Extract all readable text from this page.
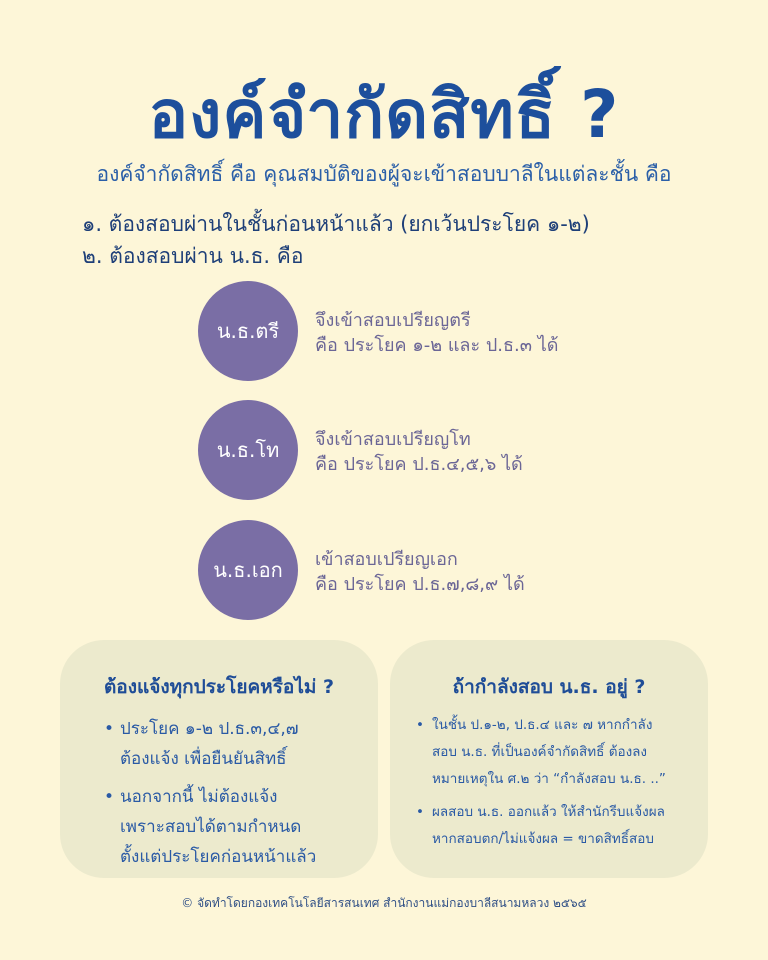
องค์จำกัดสิทธิ์ ?
องค์จำกัดสิทธิ์ คือ คุณสมบัติของผู้จะเข้าสอบบาลีในแต่ละชั้น คือ
๑. ต้องสอบผ่านในชั้นก่อนหน้าแล้ว (ยกเว้นประโยค ๑-๒)
๒. ต้องสอบผ่าน น.ธ. คือ
น.ธ.ตรี	จึงเข้าสอบเปรียญตรี
คือ ประโยค ๑-๒ และ ป.ธ.๓ ได้
น.ธ.โท	จึงเข้าสอบเปรียญโท
คือ ประโยค ป.ธ.๔,๕,๖ ได้
น.ธ.เอก	เข้าสอบเปรียญเอก
คือ ประโยค ป.ธ.๗,๘,๙ ได้
ต้องแจ้งทุกประโยคหรือไม่ ?
• ประโยค ๑-๒ ป.ธ.๓,๔,๗
ต้องแจ้ง เพื่อยืนยันสิทธิ์
• นอกจากนี้ ไม่ต้องแจ้ง
เพราะสอบได้ตามกำหนด
ตั้งแต่ประโยคก่อนหน้าแล้ว
ถ้ากำลังสอบ น.ธ. อยู่ ?
• ในชั้น ป.๑-๒, ป.ธ.๔ และ ๗ หากกำลัง
สอบ น.ธ. ที่เป็นองค์จำกัดสิทธิ์ ต้องลง
หมายเหตุใน ศ.๒ ว่า “กำลังสอบ น.ธ. ..”
• ผลสอบ น.ธ. ออกแล้ว ให้สำนักรีบแจ้งผล
หากสอบตก/ไม่แจ้งผล = ขาดสิทธิ์สอบ
© จัดทำโดยกองเทคโนโลยีสารสนเทศ สำนักงานแม่กองบาลีสนามหลวง ๒๕๖๕
